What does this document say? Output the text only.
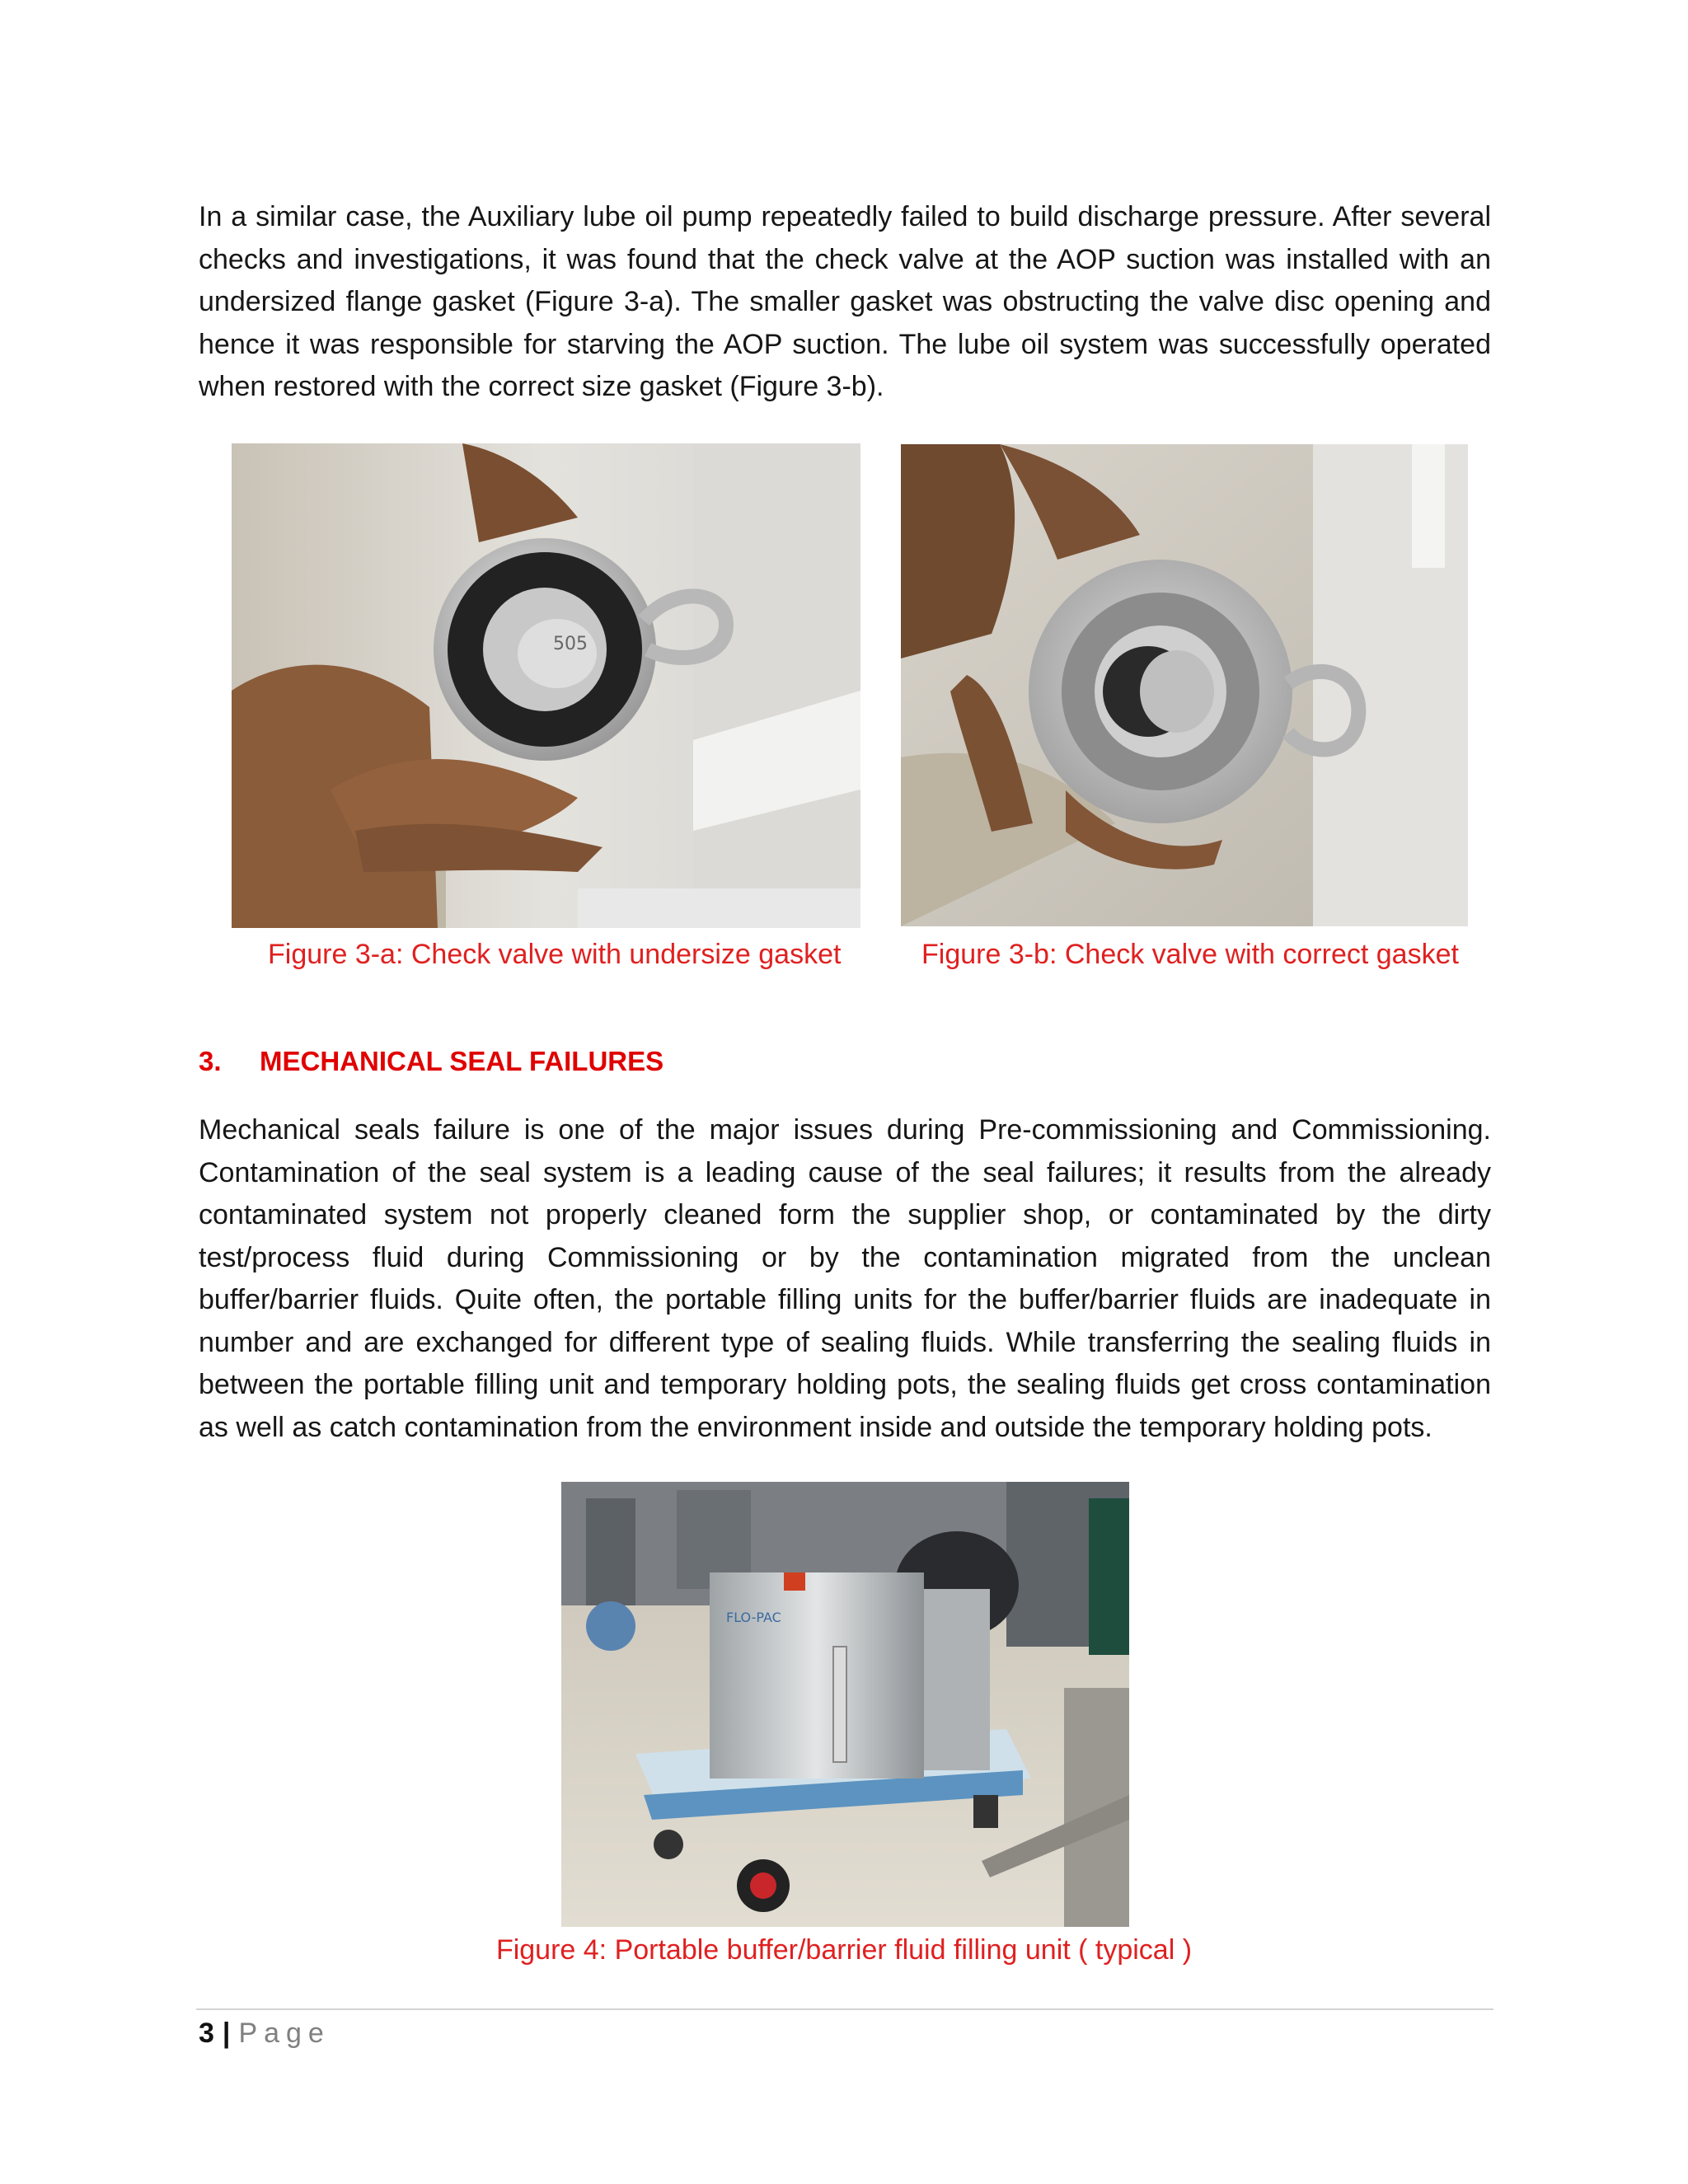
In a similar case, the Auxiliary lube oil pump repeatedly failed to build discharge pressure. After several checks and investigations, it was found that the check valve at the AOP suction was installed with an undersized flange gasket (Figure 3-a). The smaller gasket was obstructing the valve disc opening and hence it was responsible for starving the AOP suction. The lube oil system was successfully operated when restored with the correct size gasket (Figure 3-b).

505

Figure 3-a: Check valve with undersize gasket	Figure 3-b: Check valve with correct gasket

3. MECHANICAL SEAL FAILURES

Mechanical seals failure is one of the major issues during Pre-commissioning and Commissioning. Contamination of the seal system is a leading cause of the seal failures; it results from the already contaminated system not properly cleaned form the supplier shop, or contaminated by the dirty test/process fluid during Commissioning or by the contamination migrated from the unclean buffer/barrier fluids. Quite often, the portable filling units for the buffer/barrier fluids are inadequate in number and are exchanged for different type of sealing fluids. While transferring the sealing fluids in between the portable filling unit and temporary holding pots, the sealing fluids get cross contamination as well as catch contamination from the environment inside and outside the temporary holding pots.

FLO-PAC

Figure 4: Portable buffer/barrier fluid filling unit ( typical )

3 | Page
